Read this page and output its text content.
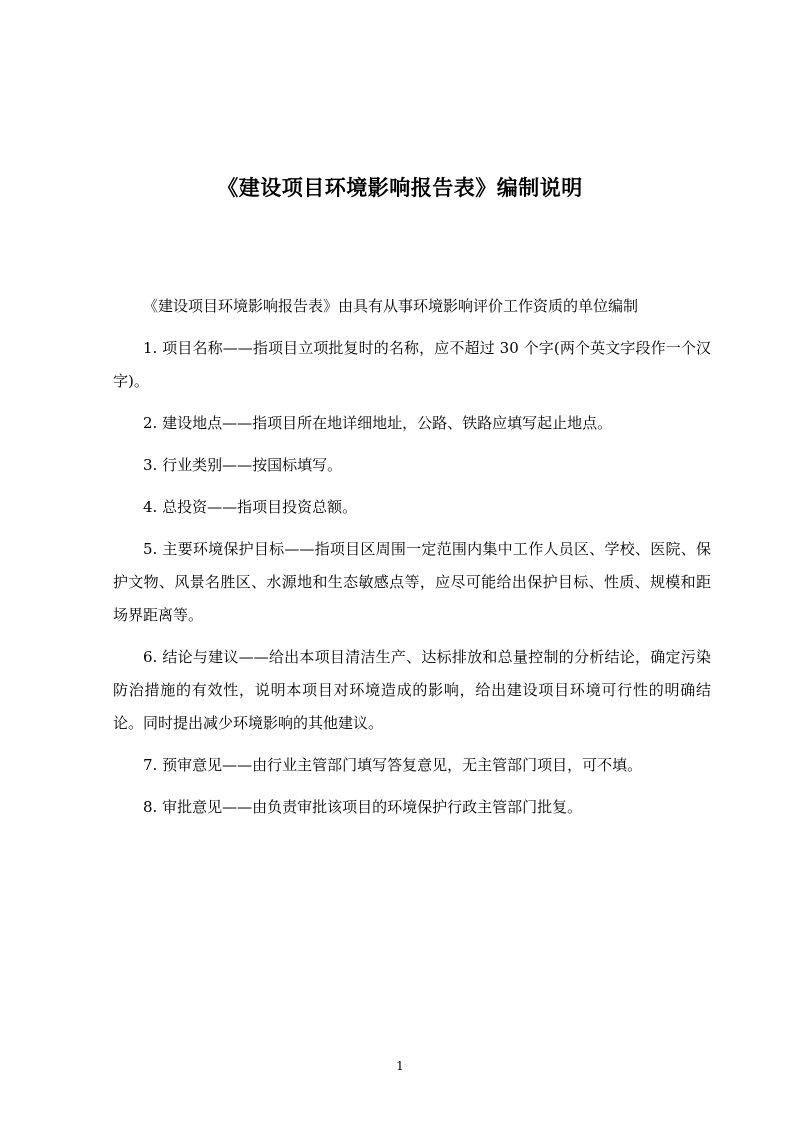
《建设项目环境影响报告表》编制说明

《建设项目环境影响报告表》由具有从事环境影响评价工作资质的单位编制

1. 项目名称——指项目立项批复时的名称，应不超过 30 个字(两个英文字段作一个汉字)。

2. 建设地点——指项目所在地详细地址，公路、铁路应填写起止地点。

3. 行业类别——按国标填写。

4. 总投资——指项目投资总额。

5. 主要环境保护目标——指项目区周围一定范围内集中工作人员区、学校、医院、保护文物、风景名胜区、水源地和生态敏感点等，应尽可能给出保护目标、性质、规模和距场界距离等。

6. 结论与建议——给出本项目清洁生产、达标排放和总量控制的分析结论，确定污染防治措施的有效性，说明本项目对环境造成的影响，给出建设项目环境可行性的明确结论。同时提出减少环境影响的其他建议。

7. 预审意见——由行业主管部门填写答复意见，无主管部门项目，可不填。

8. 审批意见——由负责审批该项目的环境保护行政主管部门批复。

1
